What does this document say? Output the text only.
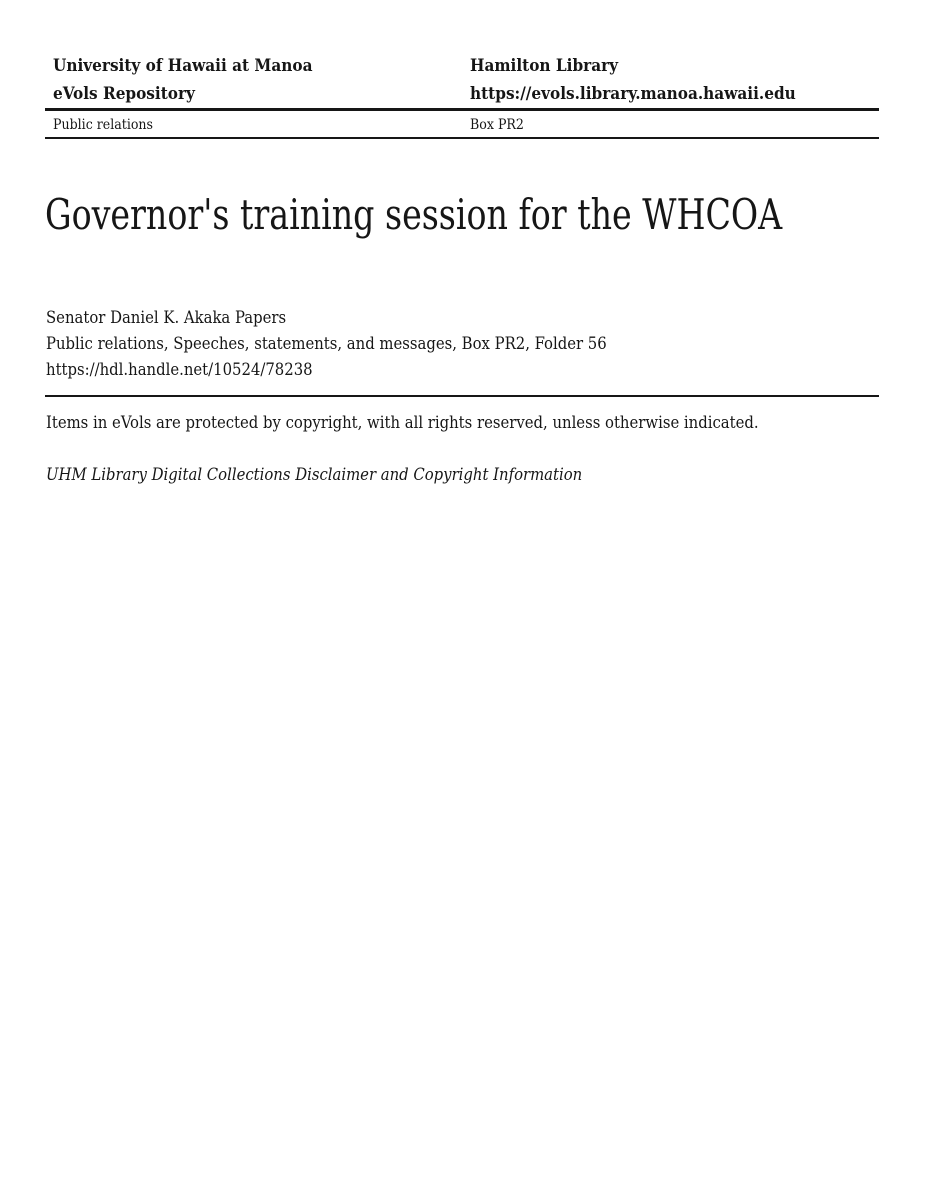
University of Hawaii at Manoa
eVols Repository
Hamilton Library
https://evols.library.manoa.hawaii.edu
Public relations	Box PR2
Governor's training session for the WHCOA
Senator Daniel K. Akaka Papers
Public relations, Speeches, statements, and messages, Box PR2, Folder 56
https://hdl.handle.net/10524/78238

Items in eVols are protected by copyright, with all rights reserved, unless otherwise indicated.

UHM Library Digital Collections Disclaimer and Copyright Information
